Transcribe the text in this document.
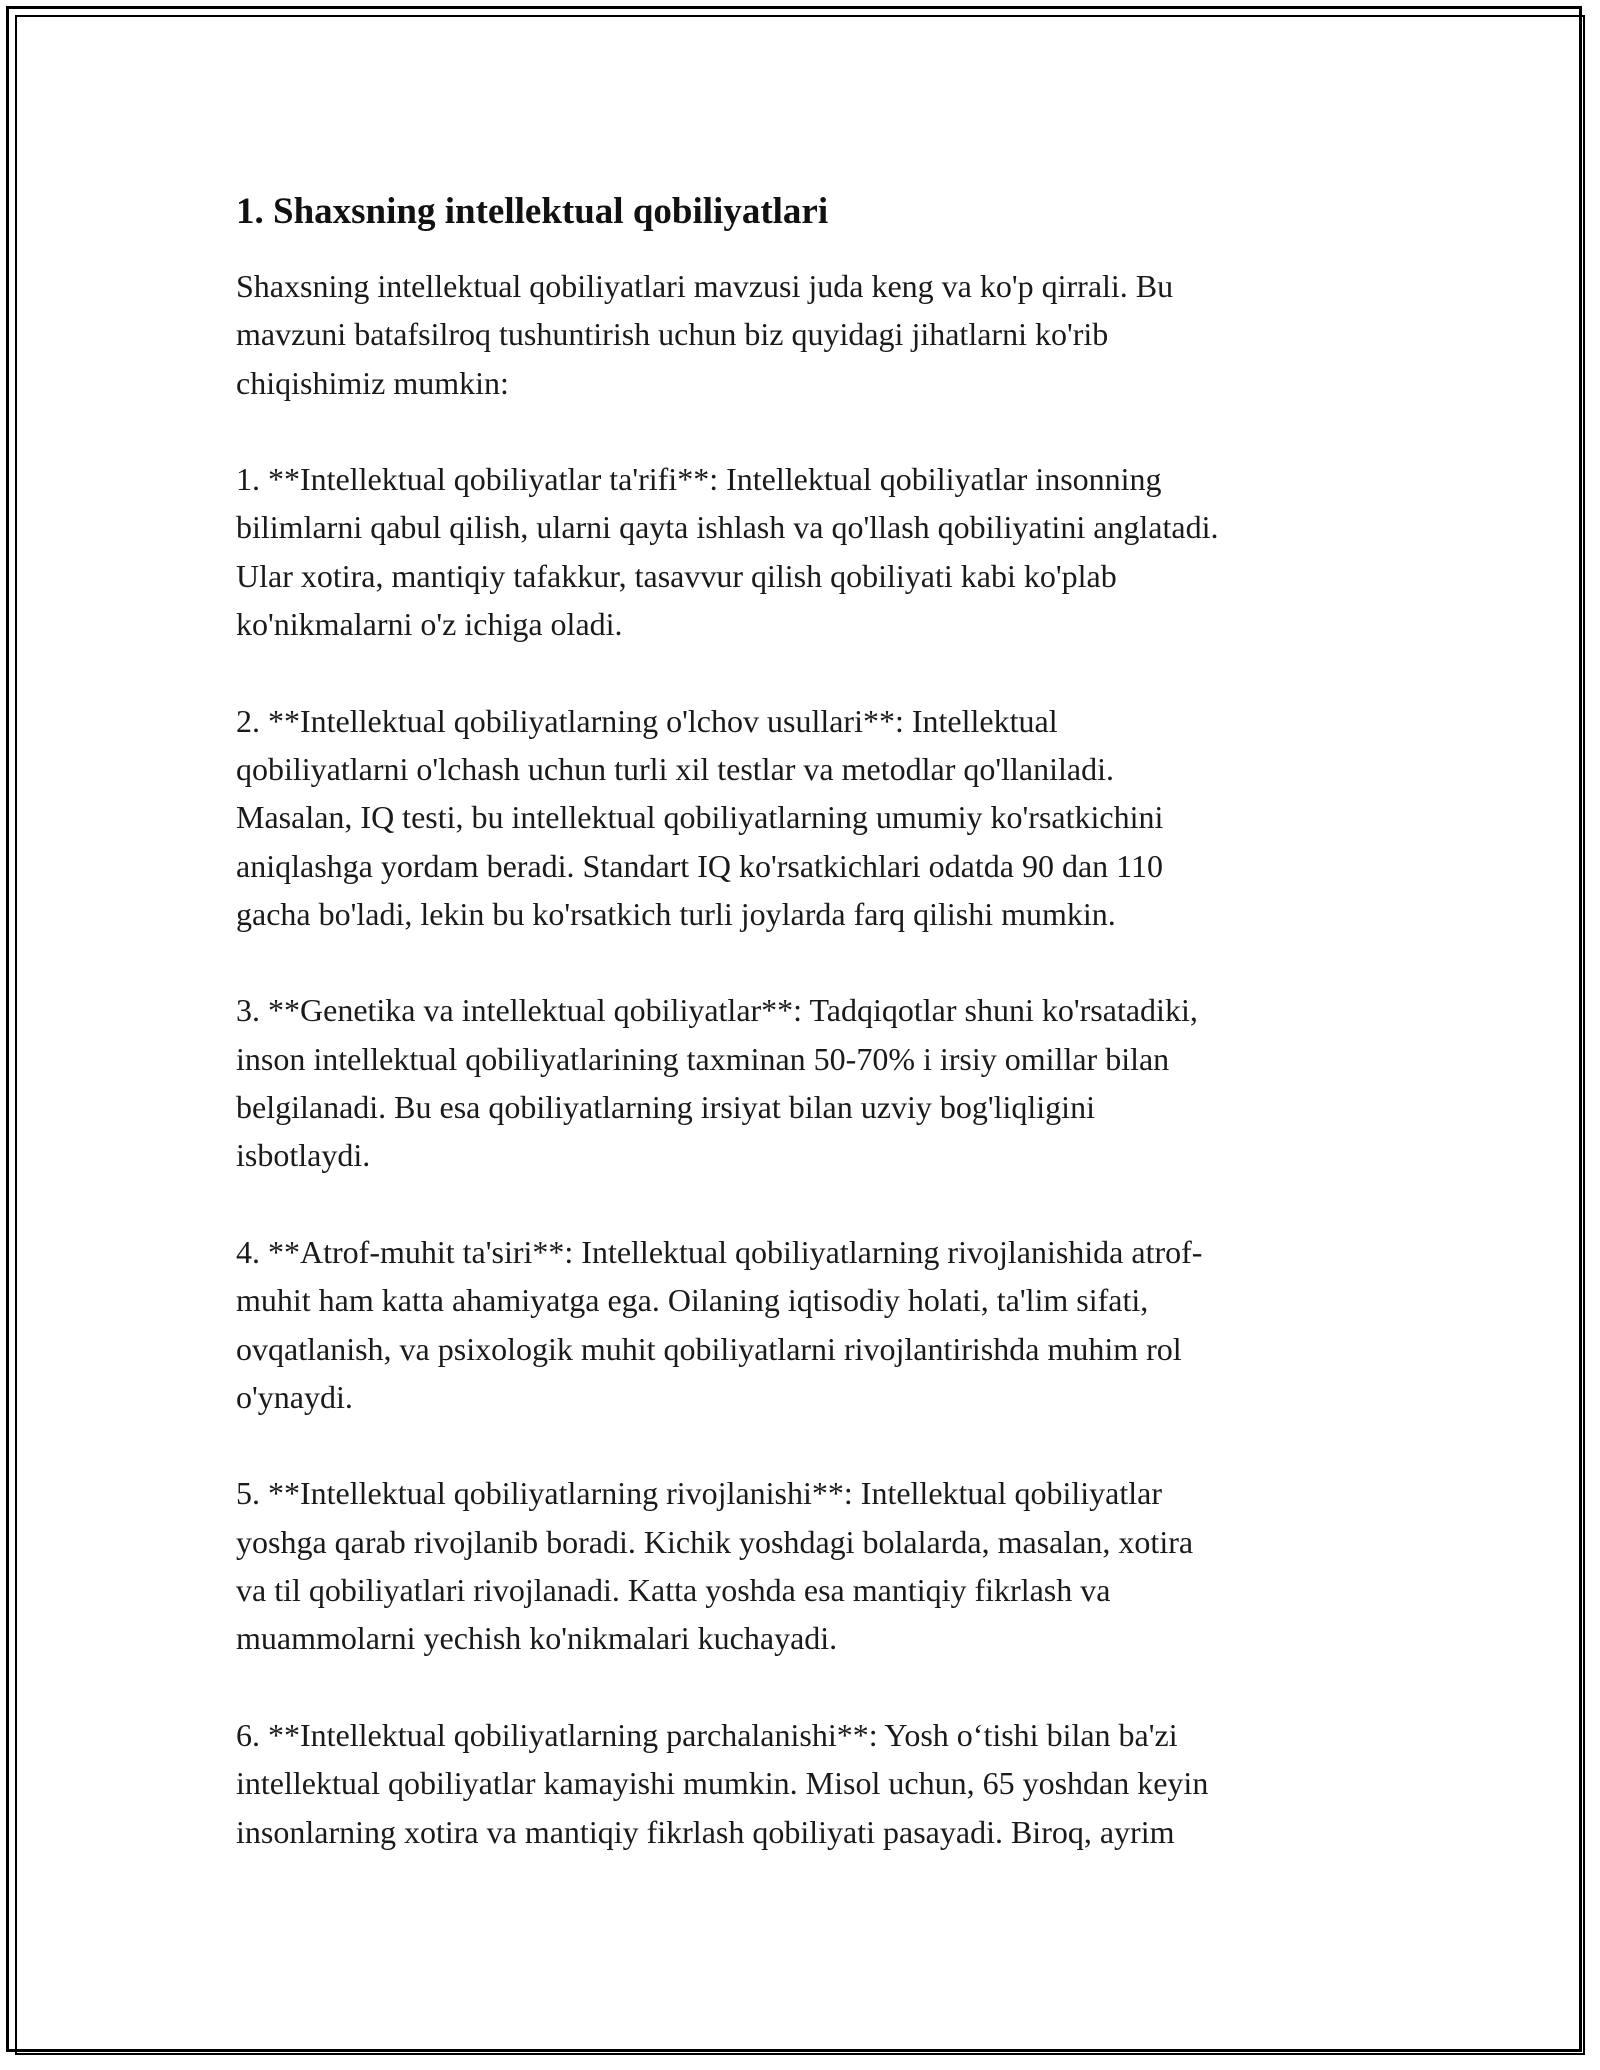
1. Shaxsning intellektual qobiliyatlari

Shaxsning intellektual qobiliyatlari mavzusi juda keng va ko'p qirrali. Bu
mavzuni batafsilroq tushuntirish uchun biz quyidagi jihatlarni ko'rib
chiqishimiz mumkin:

1. **Intellektual qobiliyatlar ta'rifi**: Intellektual qobiliyatlar insonning
bilimlarni qabul qilish, ularni qayta ishlash va qo'llash qobiliyatini anglatadi.
Ular xotira, mantiqiy tafakkur, tasavvur qilish qobiliyati kabi ko'plab
ko'nikmalarni o'z ichiga oladi.

2. **Intellektual qobiliyatlarning o'lchov usullari**: Intellektual
qobiliyatlarni o'lchash uchun turli xil testlar va metodlar qo'llaniladi.
Masalan, IQ testi, bu intellektual qobiliyatlarning umumiy ko'rsatkichini
aniqlashga yordam beradi. Standart IQ ko'rsatkichlari odatda 90 dan 110
gacha bo'ladi, lekin bu ko'rsatkich turli joylarda farq qilishi mumkin.

3. **Genetika va intellektual qobiliyatlar**: Tadqiqotlar shuni ko'rsatadiki,
inson intellektual qobiliyatlarining taxminan 50-70% i irsiy omillar bilan
belgilanadi. Bu esa qobiliyatlarning irsiyat bilan uzviy bog'liqligini
isbotlaydi.

4. **Atrof-muhit ta'siri**: Intellektual qobiliyatlarning rivojlanishida atrof-
muhit ham katta ahamiyatga ega. Oilaning iqtisodiy holati, ta'lim sifati,
ovqatlanish, va psixologik muhit qobiliyatlarni rivojlantirishda muhim rol
o'ynaydi.

5. **Intellektual qobiliyatlarning rivojlanishi**: Intellektual qobiliyatlar
yoshga qarab rivojlanib boradi. Kichik yoshdagi bolalarda, masalan, xotira
va til qobiliyatlari rivojlanadi. Katta yoshda esa mantiqiy fikrlash va
muammolarni yechish ko'nikmalari kuchayadi.

6. **Intellektual qobiliyatlarning parchalanishi**: Yosh o‘tishi bilan ba'zi
intellektual qobiliyatlar kamayishi mumkin. Misol uchun, 65 yoshdan keyin
insonlarning xotira va mantiqiy fikrlash qobiliyati pasayadi. Biroq, ayrim
